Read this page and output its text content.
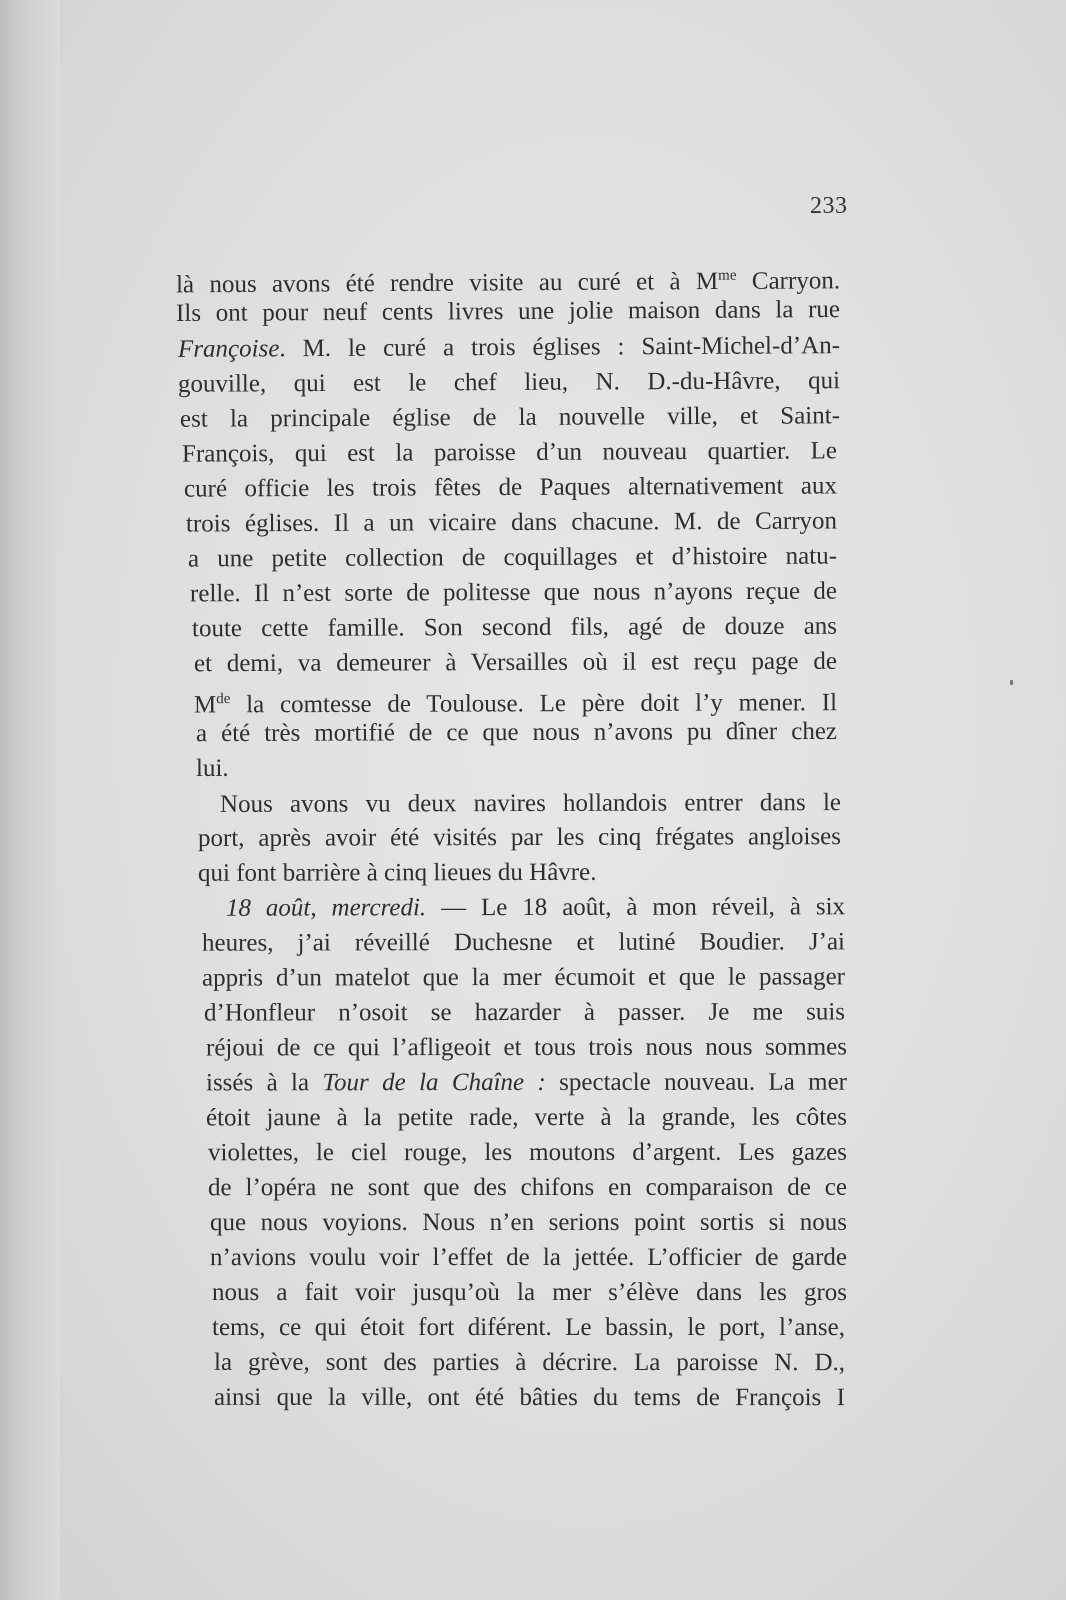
233
là nous avons été rendre visite au curé et à $M^{me}$ Carryon.
Ils ont pour neuf cents livres une jolie maison dans la rue
Françoise. M. le curé a trois églises : Saint-Michel-d’An-
gouville, qui est le chef lieu, N. D.-du-Hâvre, qui
est la principale église de la nouvelle ville, et Saint-
François, qui est la paroisse d’un nouveau quartier. Le
curé officie les trois fêtes de Paques alternativement aux
trois églises. Il a un vicaire dans chacune. M. de Carryon
a une petite collection de coquillages et d’histoire natu-
relle. Il n’est sorte de politesse que nous n’ayons reçue de
toute cette famille. Son second fils, agé de douze ans
et demi, va demeurer à Versailles où il est reçu page de
Mde la comtesse de Toulouse. Le père doit l’y mener. Il
a été très mortifié de ce que nous n’avons pu dîner chez
lui.
Nous avons vu deux navires hollandois entrer dans le
port, après avoir été visités par les cinq frégates angloises
qui font barrière à cinq lieues du Hâvre.
18 août, mercredi. — Le 18 août, à mon réveil, à six
heures, j’ai réveillé Duchesne et lutiné Boudier. J’ai
appris d’un matelot que la mer écumoit et que le passager
d’Honfleur n’osoit se hazarder à passer. Je me suis
réjoui de ce qui l’afligeoit et tous trois nous nous sommes
issés à la Tour de la Chaîne : spectacle nouveau. La mer
étoit jaune à la petite rade, verte à la grande, les côtes
violettes, le ciel rouge, les moutons d’argent. Les gazes
de l’opéra ne sont que des chifons en comparaison de ce
que nous voyions. Nous n’en serions point sortis si nous
n’avions voulu voir l’effet de la jettée. L’officier de garde
nous a fait voir jusqu’où la mer s’élève dans les gros
tems, ce qui étoit fort diférent. Le bassin, le port, l’anse,
la grève, sont des parties à décrire. La paroisse N. D.,
ainsi que la ville, ont été bâties du tems de François I
